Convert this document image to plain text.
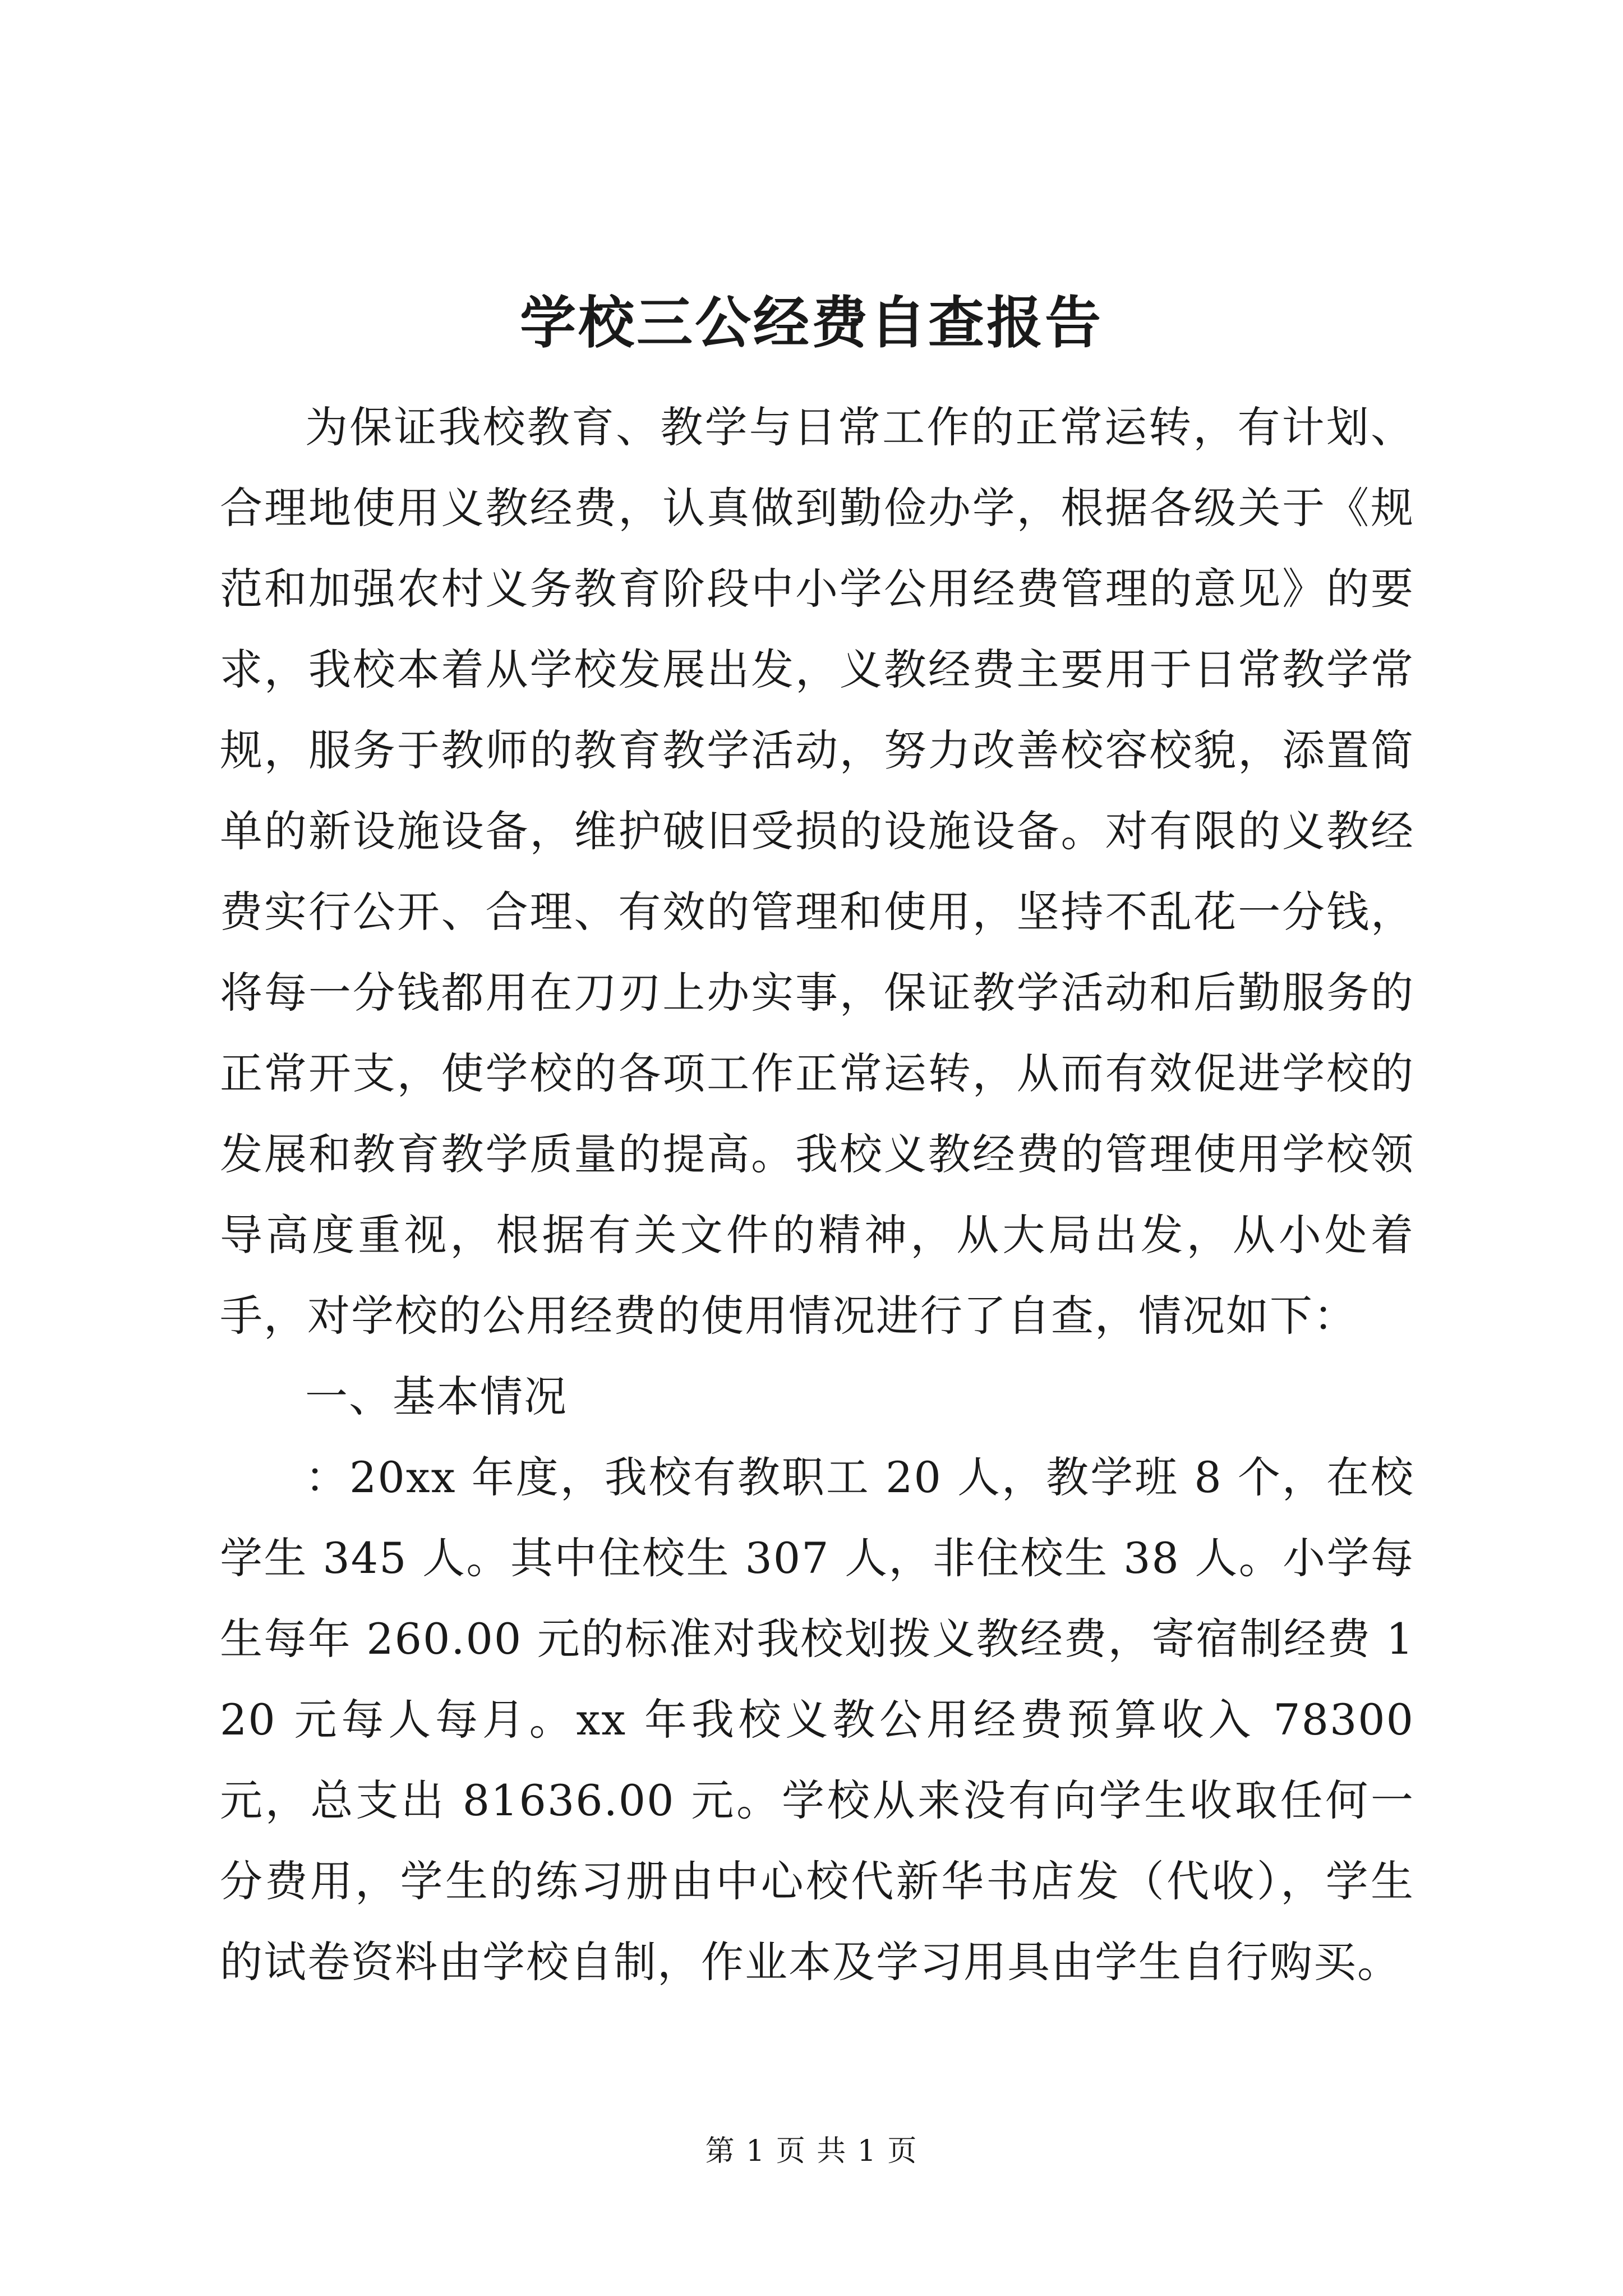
学校三公经费自查报告

为保证我校教育、教学与日常工作的正常运转，有计划、合理地使用义教经费，认真做到勤俭办学，根据各级关于《规范和加强农村义务教育阶段中小学公用经费管理的意见》的要求，我校本着从学校发展出发，义教经费主要用于日常教学常规，服务于教师的教育教学活动，努力改善校容校貌，添置简单的新设施设备，维护破旧受损的设施设备。对有限的义教经费实行公开、合理、有效的管理和使用，坚持不乱花一分钱，将每一分钱都用在刀刃上办实事，保证教学活动和后勤服务的正常开支，使学校的各项工作正常运转，从而有效促进学校的发展和教育教学质量的提高。我校义教经费的管理使用学校领导高度重视，根据有关文件的精神，从大局出发，从小处着手，对学校的公用经费的使用情况进行了自查，情况如下：

一、基本情况

：20xx 年度，我校有教职工 20 人，教学班 8 个，在校学生 345 人。其中住校生 307 人，非住校生 38 人。小学每生每年 260.00 元的标准对我校划拨义教经费，寄宿制经费 120 元每人每月。xx 年我校义教公用经费预算收入 78300 元，总支出 81636.00 元。学校从来没有向学生收取任何一分费用，学生的练习册由中心校代新华书店发（代收），学生的试卷资料由学校自制，作业本及学习用具由学生自行购买。

第 1 页 共 1 页
